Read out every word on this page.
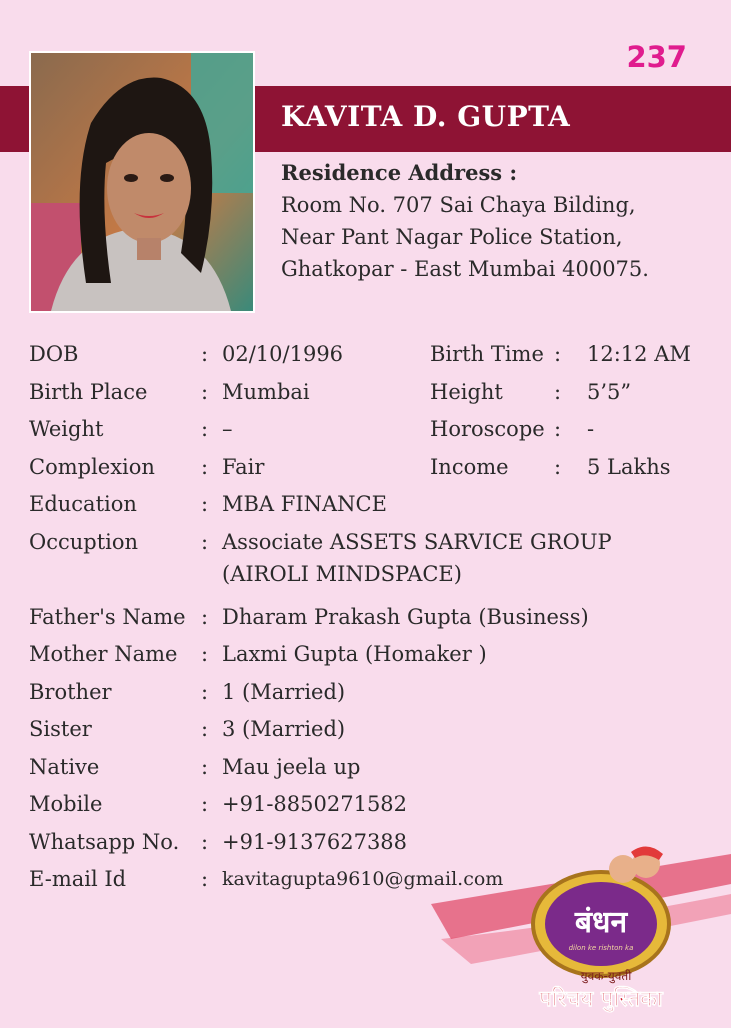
237
KAVITA D. GUPTA
Residence Address :
Room No. 707 Sai Chaya Bilding,
Near Pant Nagar Police Station,
Ghatkopar - East Mumbai 400075.
DOB	: 02/10/1996	Birth Time : 12:12 AM
Birth Place	: Mumbai	Height : 5’5”
Weight	: –	Horoscope : -
Complexion : Fair	Income : 5 Lakhs
Education	: MBA FINANCE
Occuption	: Associate ASSETS SARVICE GROUP (AIROLI MINDSPACE)
Father's Name : Dharam Prakash Gupta (Business)
Mother Name : Laxmi Gupta (Homaker )
Brother	: 1 (Married)
Sister	: 3 (Married)
Native	: Mau jeela up
Mobile	: +91-8850271582
Whatsapp No. : +91-9137627388
E-mail Id	: kavitagupta9610@gmail.com
बंधन
dilon ke rishton ka
युवक-युवती
परिचय पुस्तिका
